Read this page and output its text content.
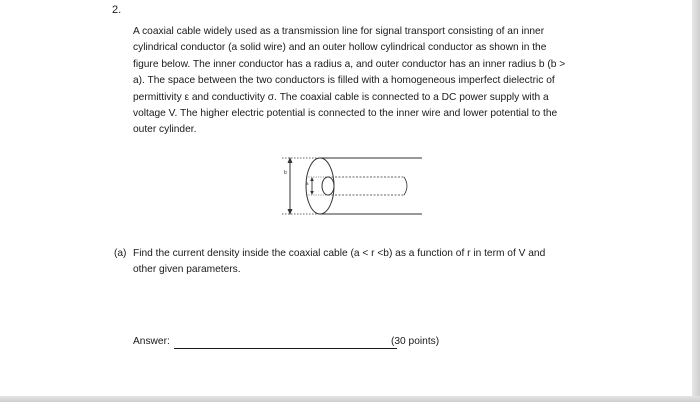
2.
A coaxial cable widely used as a transmission line for signal transport consisting of an inner
cylindrical conductor (a solid wire) and an outer hollow cylindrical conductor as shown in the
figure below. The inner conductor has a radius a, and outer conductor has an inner radius b (b >
a). The space between the two conductors is filled with a homogeneous imperfect dielectric of
permittivity ε and conductivity σ. The coaxial cable is connected to a DC power supply with a
voltage V. The higher electric potential is connected to the inner wire and lower potential to the
outer cylinder.
b
a
(a) Find the current density inside the coaxial cable (a < r <b) as a function of r in term of V and
other given parameters.
Answer:	(30 points)
